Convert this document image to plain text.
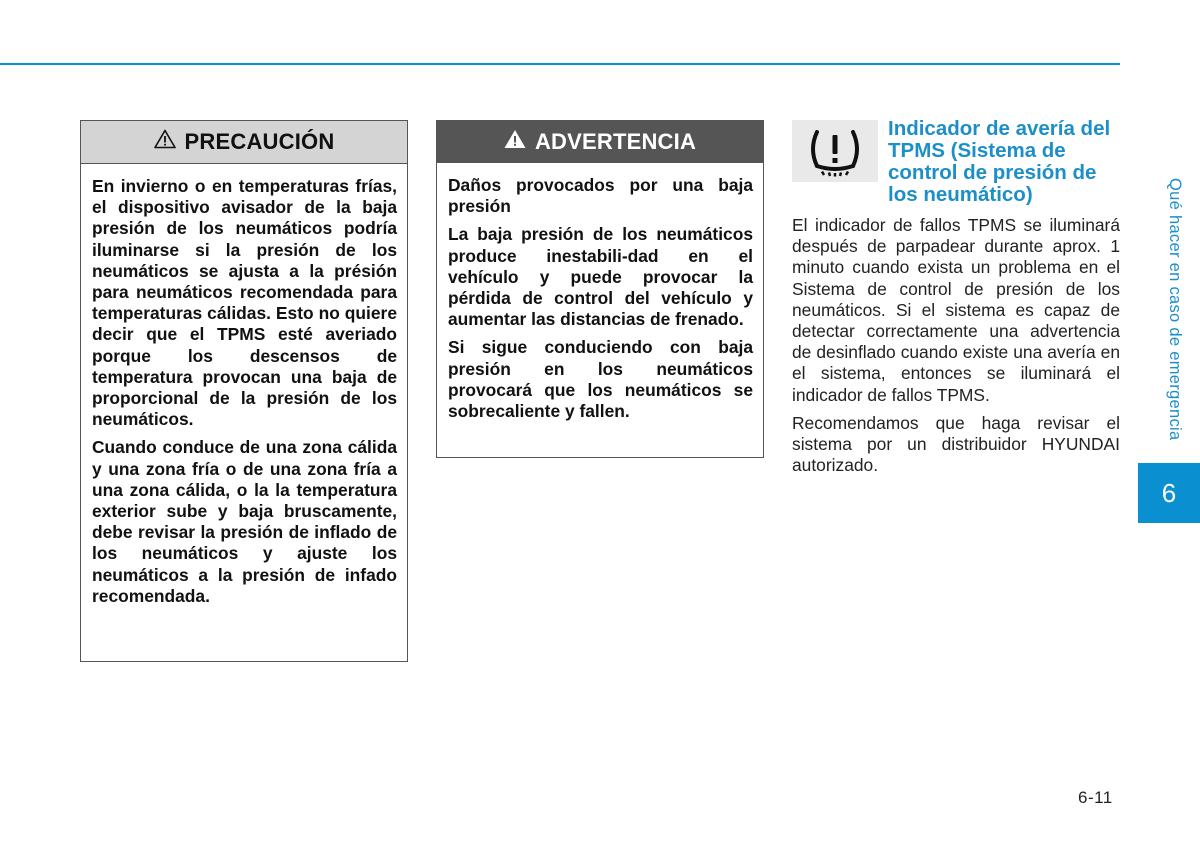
PRECAUCIÓN

En invierno o en temperaturas frías, el dispositivo avisador de la baja presión de los neumáticos podría iluminarse si la presión de los neumáticos se ajusta a la présión para neumáticos recomendada para temperaturas cálidas. Esto no quiere decir que el TPMS esté averiado porque los descensos de temperatura provocan una baja de proporcional de la presión de los neumáticos.

Cuando conduce de una zona cálida y una zona fría o de una zona fría a una zona cálida, o la la temperatura exterior sube y baja bruscamente, debe revisar la presión de inflado de los neumáticos y ajuste los neumáticos a la presión de infado recomendada.

ADVERTENCIA

Daños provocados por una baja presión

La baja presión de los neumáticos produce inestabili-dad en el vehículo y puede provocar la pérdida de control del vehículo y aumentar las distancias de frenado.

Si sigue conduciendo con baja presión en los neumáticos provocará que los neumáticos se sobrecaliente y fallen.

Indicador de avería del TPMS (Sistema de control de presión de los neumático)

El indicador de fallos TPMS se iluminará después de parpadear durante aprox. 1 minuto cuando exista un problema en el Sistema de control de presión de los neumáticos. Si el sistema es capaz de detectar correctamente una advertencia de desinflado cuando existe una avería en el sistema, entonces se iluminará el indicador de fallos TPMS.

Recomendamos que haga revisar el sistema por un distribuidor HYUNDAI autorizado.

Qué hacer en caso de emergencia
6
6-11
